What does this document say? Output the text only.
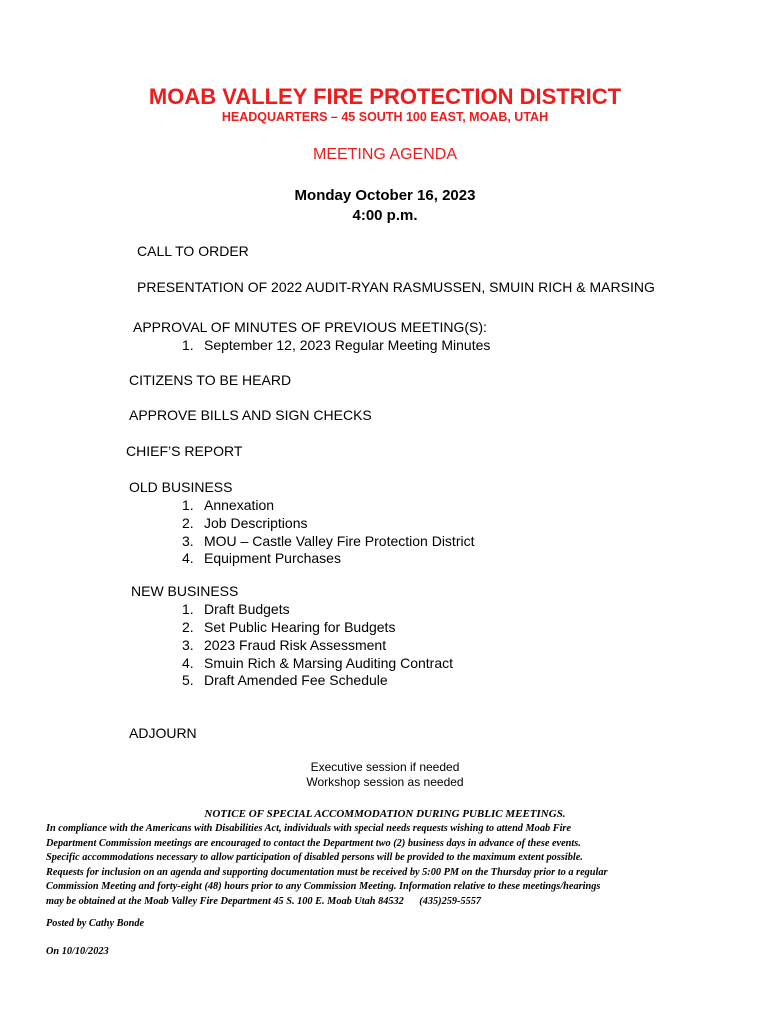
MOAB VALLEY FIRE PROTECTION DISTRICT
HEADQUARTERS – 45 SOUTH 100 EAST, MOAB, UTAH
MEETING AGENDA
Monday October 16, 2023
4:00 p.m.
CALL TO ORDER
PRESENTATION OF 2022 AUDIT-RYAN RASMUSSEN, SMUIN RICH & MARSING
APPROVAL OF MINUTES OF PREVIOUS MEETING(S):
1. September 12, 2023 Regular Meeting Minutes
CITIZENS TO BE HEARD
APPROVE BILLS AND SIGN CHECKS
CHIEF’S REPORT
OLD BUSINESS
1. Annexation
2. Job Descriptions
3. MOU – Castle Valley Fire Protection District
4. Equipment Purchases
NEW BUSINESS
1. Draft Budgets
2. Set Public Hearing for Budgets
3. 2023 Fraud Risk Assessment
4. Smuin Rich & Marsing Auditing Contract
5. Draft Amended Fee Schedule
ADJOURN
Executive session if needed
Workshop session as needed
NOTICE OF SPECIAL ACCOMMODATION DURING PUBLIC MEETINGS.
In compliance with the Americans with Disabilities Act, individuals with special needs requests wishing to attend Moab Fire
Department Commission meetings are encouraged to contact the Department two (2) business days in advance of these events.
Specific accommodations necessary to allow participation of disabled persons will be provided to the maximum extent possible.
Requests for inclusion on an agenda and supporting documentation must be received by 5:00 PM on the Thursday prior to a regular
Commission Meeting and forty-eight (48) hours prior to any Commission Meeting. Information relative to these meetings/hearings
may be obtained at the Moab Valley Fire Department 45 S. 100 E. Moab Utah 84532      (435)259-5557
Posted by Cathy Bonde
On 10/10/2023
